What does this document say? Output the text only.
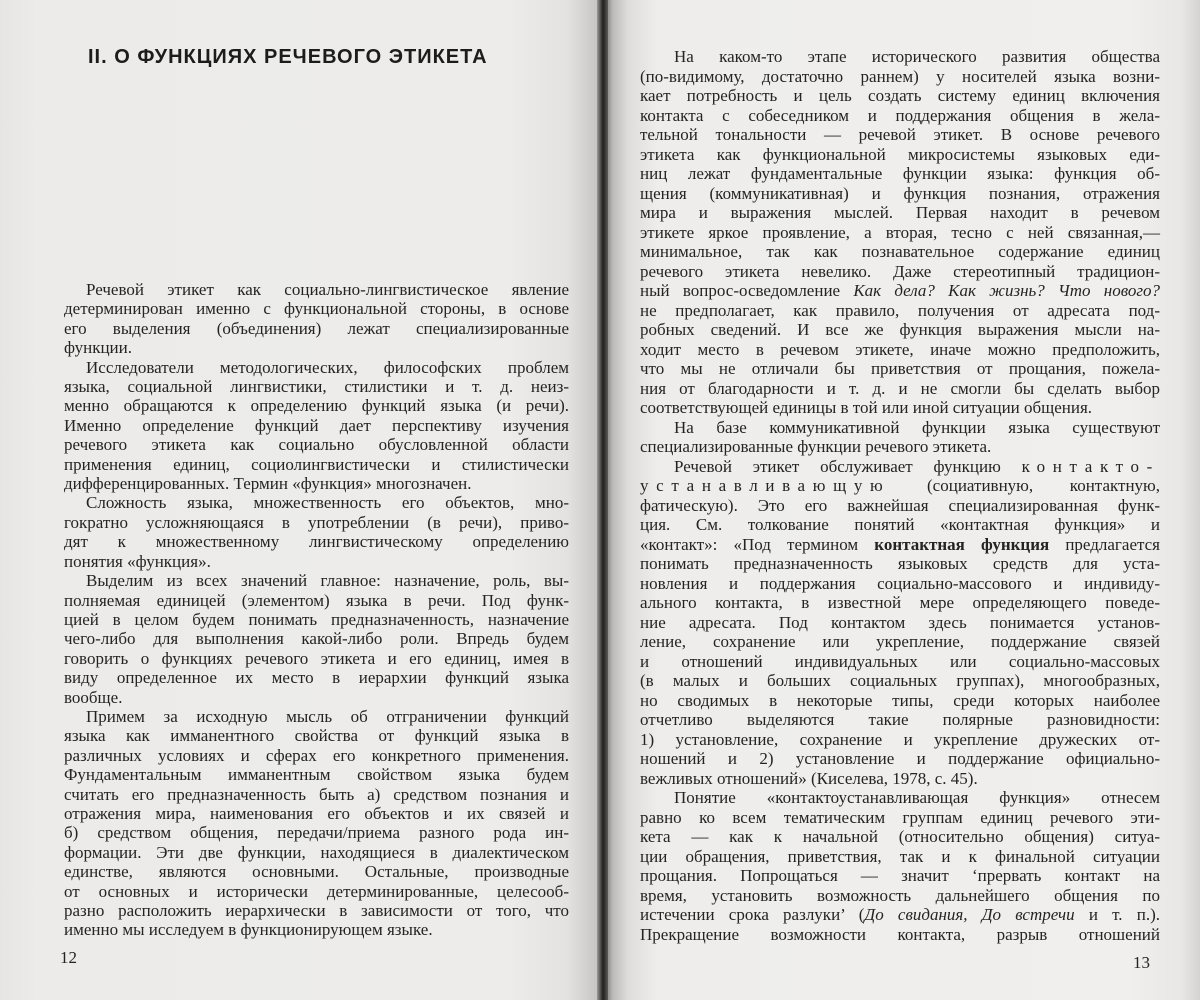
II. О ФУНКЦИЯХ РЕЧЕВОГО ЭТИКЕТА
Речевой этикет как социально-лингвистическое явление
детерминирован именно с функциональной стороны, в основе
его выделения (объединения) лежат специализированные
функции.
Исследователи методологических, философских проблем
языка, социальной лингвистики, стилистики и т. д. неиз-
менно обращаются к определению функций языка (и речи).
Именно определение функций дает перспективу изучения
речевого этикета как социально обусловленной области
применения единиц, социолингвистически и стилистически
дифференцированных. Термин «функция» многозначен.
Сложность языка, множественность его объектов, мно-
гократно усложняющаяся в употреблении (в речи), приво-
дят к множественному лингвистическому определению
понятия «функция».
Выделим из всех значений главное: назначение, роль, вы-
полняемая единицей (элементом) языка в речи. Под функ-
цией в целом будем понимать предназначенность, назначение
чего-либо для выполнения какой-либо роли. Впредь будем
говорить о функциях речевого этикета и его единиц, имея в
виду определенное их место в иерархии функций языка
вообще.
Примем за исходную мысль об отграничении функций
языка как имманентного свойства от функций языка в
различных условиях и сферах его конкретного применения.
Фундаментальным имманентным свойством языка будем
считать его предназначенность быть а) средством познания и
отражения мира, наименования его объектов и их связей и
б) средством общения, передачи/приема разного рода ин-
формации. Эти две функции, находящиеся в диалектическом
единстве, являются основными. Остальные, производные
от основных и исторически детерминированные, целесооб-
разно расположить иерархически в зависимости от того, что
именно мы исследуем в функционирующем языке.
12
На каком-то этапе исторического развития общества
(по-видимому, достаточно раннем) у носителей языка возни-
кает потребность и цель создать систему единиц включения
контакта с собеседником и поддержания общения в жела-
тельной тональности — речевой этикет. В основе речевого
этикета как функциональной микросистемы языковых еди-
ниц лежат фундаментальные функции языка: функция об-
щения (коммуникативная) и функция познания, отражения
мира и выражения мыслей. Первая находит в речевом
этикете яркое проявление, а вторая, тесно с ней связанная,—
минимальное, так как познавательное содержание единиц
речевого этикета невелико. Даже стереотипный традицион-
ный вопрос-осведомление Как дела? Как жизнь? Что нового?
не предполагает, как правило, получения от адресата под-
робных сведений. И все же функция выражения мысли на-
ходит место в речевом этикете, иначе можно предположить,
что мы не отличали бы приветствия от прощания, пожела-
ния от благодарности и т. д. и не смогли бы сделать выбор
соответствующей единицы в той или иной ситуации общения.
На базе коммуникативной функции языка существуют
специализированные функции речевого этикета.
Речевой этикет обслуживает функцию контакто-
устанавливающую (социативную, контактную,
фатическую). Это его важнейшая специализированная функ-
ция. См. толкование понятий «контактная функция» и
«контакт»: «Под термином контактная функция предлагается
понимать предназначенность языковых средств для уста-
новления и поддержания социально-массового и индивиду-
ального контакта, в известной мере определяющего поведе-
ние адресата. Под контактом здесь понимается установ-
ление, сохранение или укрепление, поддержание связей
и отношений индивидуальных или социально-массовых
(в малых и больших социальных группах), многообразных,
но сводимых в некоторые типы, среди которых наиболее
отчетливо выделяются такие полярные разновидности:
1) установление, сохранение и укрепление дружеских от-
ношений и 2) установление и поддержание официально-
вежливых отношений» (Киселева, 1978, с. 45).
Понятие «контактоустанавливающая функция» отнесем
равно ко всем тематическим группам единиц речевого эти-
кета — как к начальной (относительно общения) ситуа-
ции обращения, приветствия, так и к финальной ситуации
прощания. Попрощаться — значит ‘прервать контакт на
время, установить возможность дальнейшего общения по
истечении срока разлуки’ (До свидания, До встречи и т. п.).
Прекращение возможности контакта, разрыв отношений
13
